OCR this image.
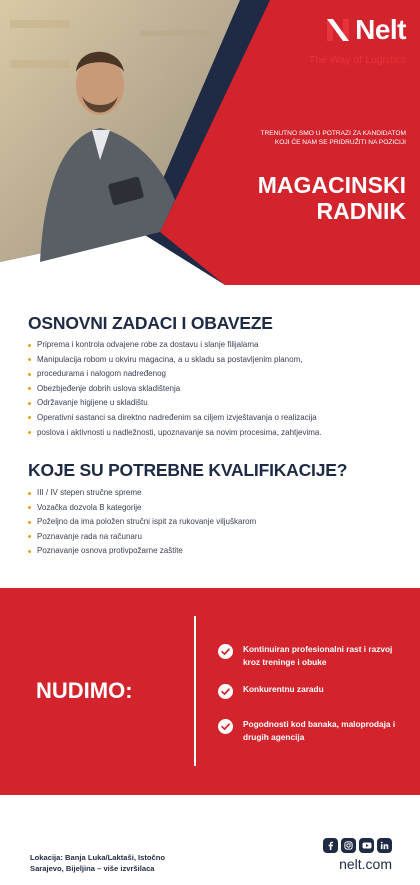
Nelt
The Way of Logistics
TRENUTNO SMO U POTRAZI ZA KANDIDATOM KOJI ĆE NAM SE PRIDRUŽITI NA POZICIJI
MAGACINSKI
RADNIK
OSNOVNI ZADACI I OBAVEZE
Priprema i kontrola odvajene robe za dostavu i slanje filijalama
Manipulacija robom u okviru magacina, a u skladu sa postavljenim planom,
procedurama i nalogom nadređenog
Obezbjeđenje dobrih uslova skladištenja
Održavanje higijene u skladištu
Operativni sastanci sa direktno nadređenim sa ciljem izvještavanja o realizacija
poslova i aktivnosti u nadležnosti, upoznavanje sa novim procesima, zahtjevima.
KOJE SU POTREBNE KVALIFIKACIJE?
III / IV stepen stručne spreme
Vozačka dozvola B kategorije
Poželjno da ima položen stručni ispit za rukovanje viljuškarom
Poznavanje rada na računaru
Poznavanje osnova protivpožarne zaštite
NUDIMO:
Kontinuiran profesionalni rast i razvoj kroz treninge i obuke
Konkurentnu zaradu
Pogodnosti kod banaka, maloprodaja i drugih agencija
Lokacija: Banja Luka/Laktaši, Istočno Sarajevo, Bijeljina – više izvršilaca	nelt.com
